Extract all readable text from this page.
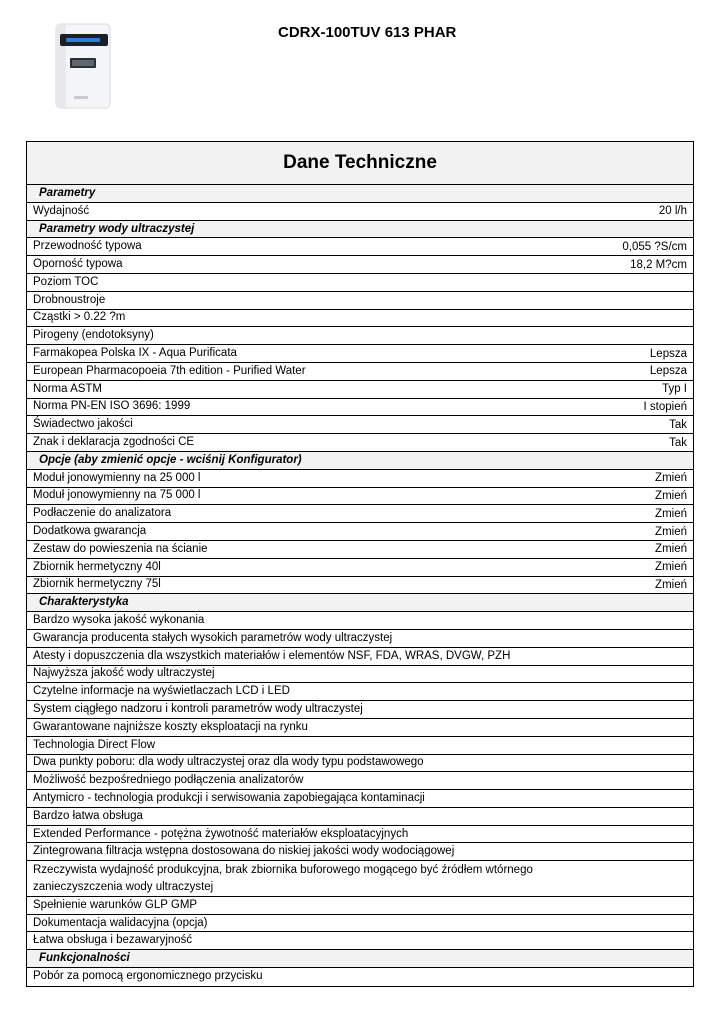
CDRX-100TUV 613 PHAR
Dane Techniczne
Parametry
Wydajność	20 l/h
Parametry wody ultraczystej
Przewodność typowa	0,055 ?S/cm
Oporność typowa	18,2 M?cm
Poziom TOC
Drobnoustroje
Cząstki > 0.22 ?m
Pirogeny (endotoksyny)
Farmakopea Polska IX - Aqua Purificata	Lepsza
European Pharmacopoeia 7th edition - Purified Water	Lepsza
Norma ASTM	Typ I
Norma PN-EN ISO 3696: 1999	I stopień
Świadectwo jakości	Tak
Znak i deklaracja zgodności CE	Tak
Opcje (aby zmienić opcje - wciśnij Konfigurator)
Moduł jonowymienny na 25 000 l	Zmień
Moduł jonowymienny na 75 000 l	Zmień
Podłaczenie do analizatora	Zmień
Dodatkowa gwarancja	Zmień
Zestaw do powieszenia na ścianie	Zmień
Zbiornik hermetyczny 40l	Zmień
Zbiornik hermetyczny 75l	Zmień
Charakterystyka
Bardzo wysoka jakość wykonania
Gwarancja producenta stałych wysokich parametrów wody ultraczystej
Atesty i dopuszczenia dla wszystkich materiałów i elementów NSF, FDA, WRAS, DVGW, PZH
Najwyższa jakość wody ultraczystej
Czytelne informacje na wyświetlaczach LCD i LED
System ciągłego nadzoru i kontroli parametrów wody ultraczystej
Gwarantowane najniższe koszty eksploatacji na rynku
Technologia Direct Flow
Dwa punkty poboru: dla wody ultraczystej oraz dla wody typu podstawowego
Możliwość bezpośredniego podłączenia analizatorów
Antymicro - technologia produkcji i serwisowania zapobiegająca kontaminacji
Bardzo łatwa obsługa
Extended Performance - potężna żywotność materiałów eksploatacyjnych
Zintegrowana filtracja wstępna dostosowana do niskiej jakości wody wodociągowej
Rzeczywista wydajność produkcyjna, brak zbiornika buforowego mogącego być źródłem wtórnego
zanieczyszczenia wody ultraczystej
Spełnienie warunków GLP GMP
Dokumentacja walidacyjna (opcja)
Łatwa obsługa i bezawaryjność
Funkcjonalności
Pobór za pomocą ergonomicznego przycisku
